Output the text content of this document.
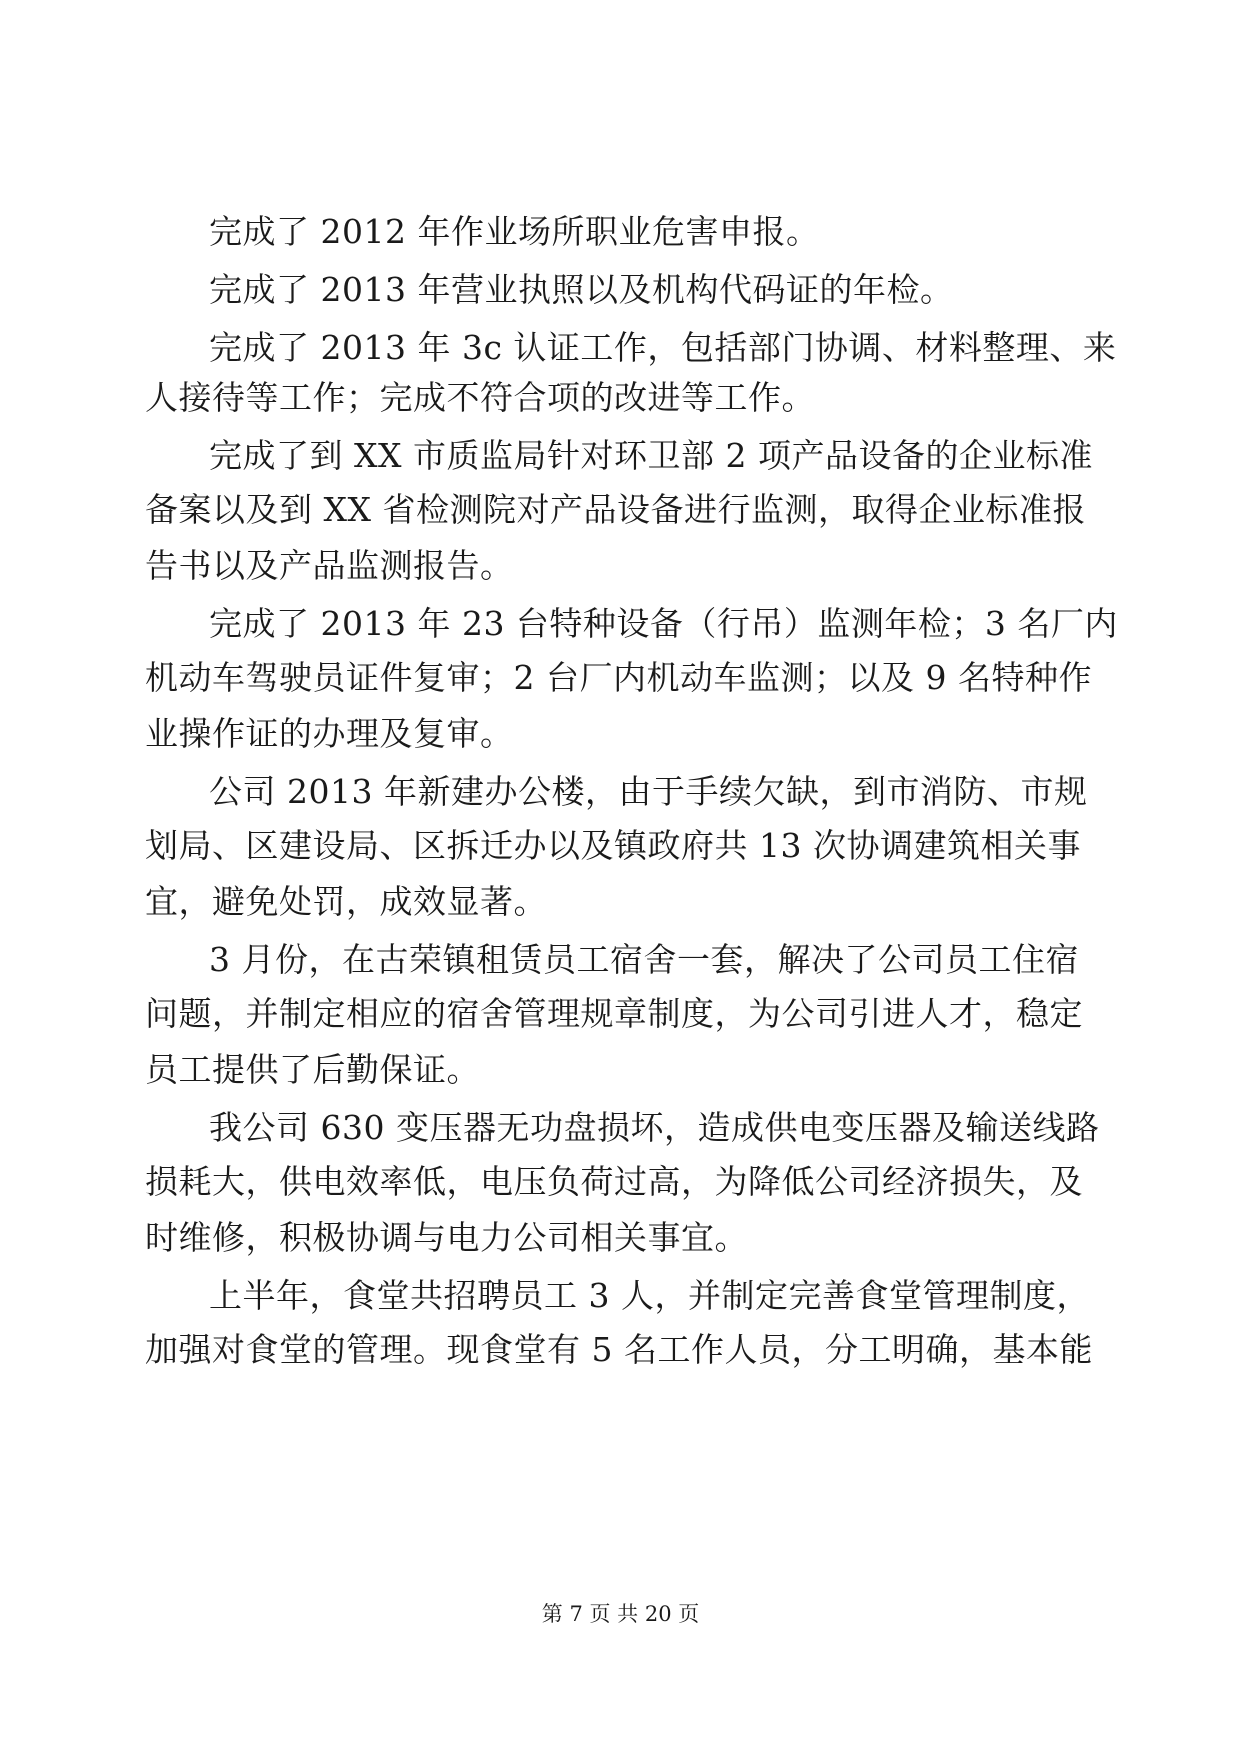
完成了 2012 年作业场所职业危害申报。
完成了 2013 年营业执照以及机构代码证的年检。
完成了 2013 年 3c 认证工作，包括部门协调、材料整理、来
人接待等工作；完成不符合项的改进等工作。
完成了到 XX 市质监局针对环卫部 2 项产品设备的企业标准
备案以及到 XX 省检测院对产品设备进行监测，取得企业标准报
告书以及产品监测报告。
完成了 2013 年 23 台特种设备（行吊）监测年检；3 名厂内
机动车驾驶员证件复审；2 台厂内机动车监测；以及 9 名特种作
业操作证的办理及复审。
公司 2013 年新建办公楼，由于手续欠缺，到市消防、市规
划局、区建设局、区拆迁办以及镇政府共 13 次协调建筑相关事
宜，避免处罚，成效显著。
3 月份，在古荣镇租赁员工宿舍一套，解决了公司员工住宿
问题，并制定相应的宿舍管理规章制度，为公司引进人才，稳定
员工提供了后勤保证。
我公司 630 变压器无功盘损坏，造成供电变压器及输送线路
损耗大，供电效率低，电压负荷过高，为降低公司经济损失，及
时维修，积极协调与电力公司相关事宜。
上半年，食堂共招聘员工 3 人，并制定完善食堂管理制度，
加强对食堂的管理。现食堂有 5 名工作人员，分工明确，基本能
第 7 页 共 20 页
